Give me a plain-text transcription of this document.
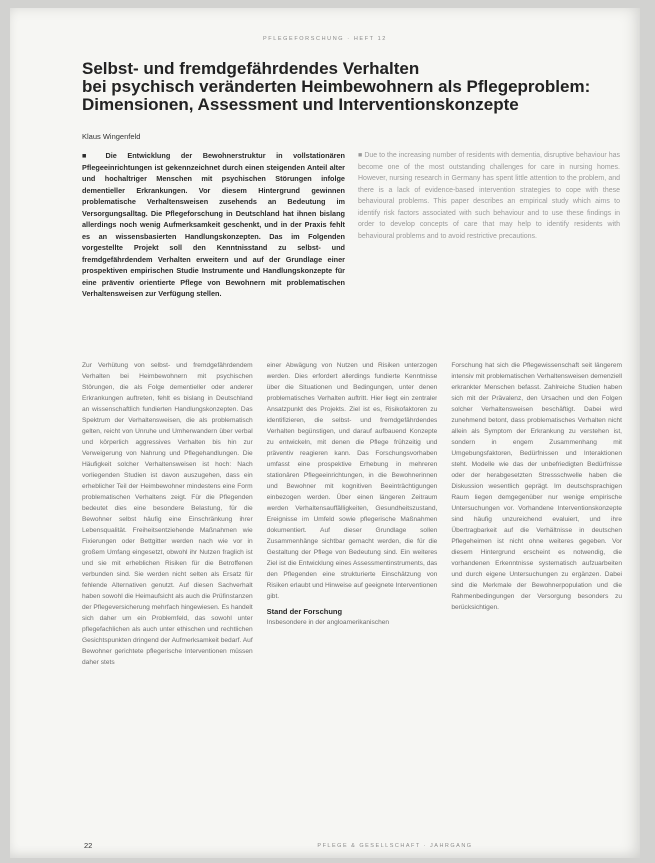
PFLEGEFORSCHUNG · HEFT 12
Selbst- und fremdgefährdendes Verhalten
bei psychisch veränderten Heimbewohnern als Pflegeproblem:
Dimensionen, Assessment und Interventionskonzepte
Klaus Wingenfeld

■ Die Entwicklung der Bewohnerstruktur in vollstationären Pflegeeinrichtungen ist gekennzeichnet durch einen steigenden Anteil alter und hochaltriger Menschen mit psychischen Störungen infolge dementieller Erkrankungen. Vor diesem Hintergrund gewinnen problematische Verhaltensweisen zusehends an Bedeutung im Versorgungsalltag. Die Pflegeforschung in Deutschland hat ihnen bislang allerdings noch wenig Aufmerksamkeit geschenkt, und in der Praxis fehlt es an wissensbasierten Handlungskonzepten. Das im Folgenden vorgestellte Projekt soll den Kenntnisstand zu selbst- und fremdgefährdendem Verhalten erweitern und auf der Grundlage einer prospektiven empirischen Studie Instrumente und Handlungskonzepte für eine präventiv orientierte Pflege von Bewohnern mit problematischen Verhaltensweisen zur Verfügung stellen.

■ Due to the increasing number of residents with dementia, disruptive behaviour has become one of the most outstanding challenges for care in nursing homes. However, nursing research in Germany has spent little attention to the problem, and there is a lack of evidence-based intervention strategies to cope with these behavioural problems. This paper describes an empirical study which aims to identify risk factors associated with such behaviour and to use these findings in order to develop concepts of care that may help to identify residents with behavioural problems and to avoid restrictive precautions.

Zur Verhütung von selbst- und fremdgefährdendem Verhalten bei Heimbewohnern mit psychischen Störungen, die als Folge dementieller oder anderer Erkrankungen auftreten, fehlt es bislang in Deutschland an wissenschaftlich fundierten Handlungskonzepten. Das Spektrum der Verhaltensweisen, die als problematisch gelten, reicht von Unruhe und Umherwandern über verbal und körperlich aggressives Verhalten bis hin zur Verweigerung von Nahrung und Pflegehandlungen. Die Häufigkeit solcher Verhaltensweisen ist hoch: Nach vorliegenden Studien ist davon auszugehen, dass ein erheblicher Teil der Heimbewohner mindestens eine Form problematischen Verhaltens zeigt. Für die Pflegenden bedeutet dies eine besondere Belastung, für die Bewohner selbst häufig eine Einschränkung ihrer Lebensqualität. Freiheitsentziehende Maßnahmen wie Fixierungen oder Bettgitter werden nach wie vor in großem Umfang eingesetzt, obwohl ihr Nutzen fraglich ist und sie mit erheblichen Risiken für die Betroffenen verbunden sind. Sie werden nicht selten als Ersatz für fehlende Alternativen genutzt. Auf diesen Sachverhalt haben sowohl die Heimaufsicht als auch die Prüfinstanzen der Pflegeversicherung mehrfach hingewiesen. Es handelt sich daher um ein Problemfeld, das sowohl unter pflegefachlichen als auch unter ethischen und rechtlichen Gesichtspunkten dringend der Aufmerksamkeit bedarf. Auf Bewohner gerichtete pflegerische Interventionen müssen daher stets

einer Abwägung von Nutzen und Risiken unterzogen werden. Dies erfordert allerdings fundierte Kenntnisse über die Situationen und Bedingungen, unter denen problematisches Verhalten auftritt. Hier liegt ein zentraler Ansatzpunkt des Projekts. Ziel ist es, Risikofaktoren zu identifizieren, die selbst- und fremdgefährdendes Verhalten begünstigen, und darauf aufbauend Konzepte zu entwickeln, mit denen die Pflege frühzeitig und präventiv reagieren kann. Das Forschungsvorhaben umfasst eine prospektive Erhebung in mehreren stationären Pflegeeinrichtungen, in die Bewohnerinnen und Bewohner mit kognitiven Beeinträchtigungen einbezogen werden. Über einen längeren Zeitraum werden Verhaltensauffälligkeiten, Gesundheitszustand, Ereignisse im Umfeld sowie pflegerische Maßnahmen dokumentiert. Auf dieser Grundlage sollen Zusammenhänge sichtbar gemacht werden, die für die Gestaltung der Pflege von Bedeutung sind. Ein weiteres Ziel ist die Entwicklung eines Assessmentinstruments, das den Pflegenden eine strukturierte Einschätzung von Risiken erlaubt und Hinweise auf geeignete Interventionen gibt.

Stand der Forschung

Insbesondere in der angloamerikanischen

Forschung hat sich die Pflegewissenschaft seit längerem intensiv mit problematischen Verhaltensweisen demenziell erkrankter Menschen befasst. Zahlreiche Studien haben sich mit der Prävalenz, den Ursachen und den Folgen solcher Verhaltensweisen beschäftigt. Dabei wird zunehmend betont, dass problematisches Verhalten nicht allein als Symptom der Erkrankung zu verstehen ist, sondern in engem Zusammenhang mit Umgebungsfaktoren, Bedürfnissen und Interaktionen steht. Modelle wie das der unbefriedigten Bedürfnisse oder der herabgesetzten Stressschwelle haben die Diskussion wesentlich geprägt. Im deutschsprachigen Raum liegen demgegenüber nur wenige empirische Untersuchungen vor. Vorhandene Interventionskonzepte sind häufig unzureichend evaluiert, und ihre Übertragbarkeit auf die Verhältnisse in deutschen Pflegeheimen ist nicht ohne weiteres gegeben. Vor diesem Hintergrund erscheint es notwendig, die vorhandenen Erkenntnisse systematisch aufzuarbeiten und durch eigene Untersuchungen zu ergänzen. Dabei sind die Merkmale der Bewohnerpopulation und die Rahmenbedingungen der Versorgung besonders zu berücksichtigen.

22	PFLEGE & GESELLSCHAFT · JAHRGANG
